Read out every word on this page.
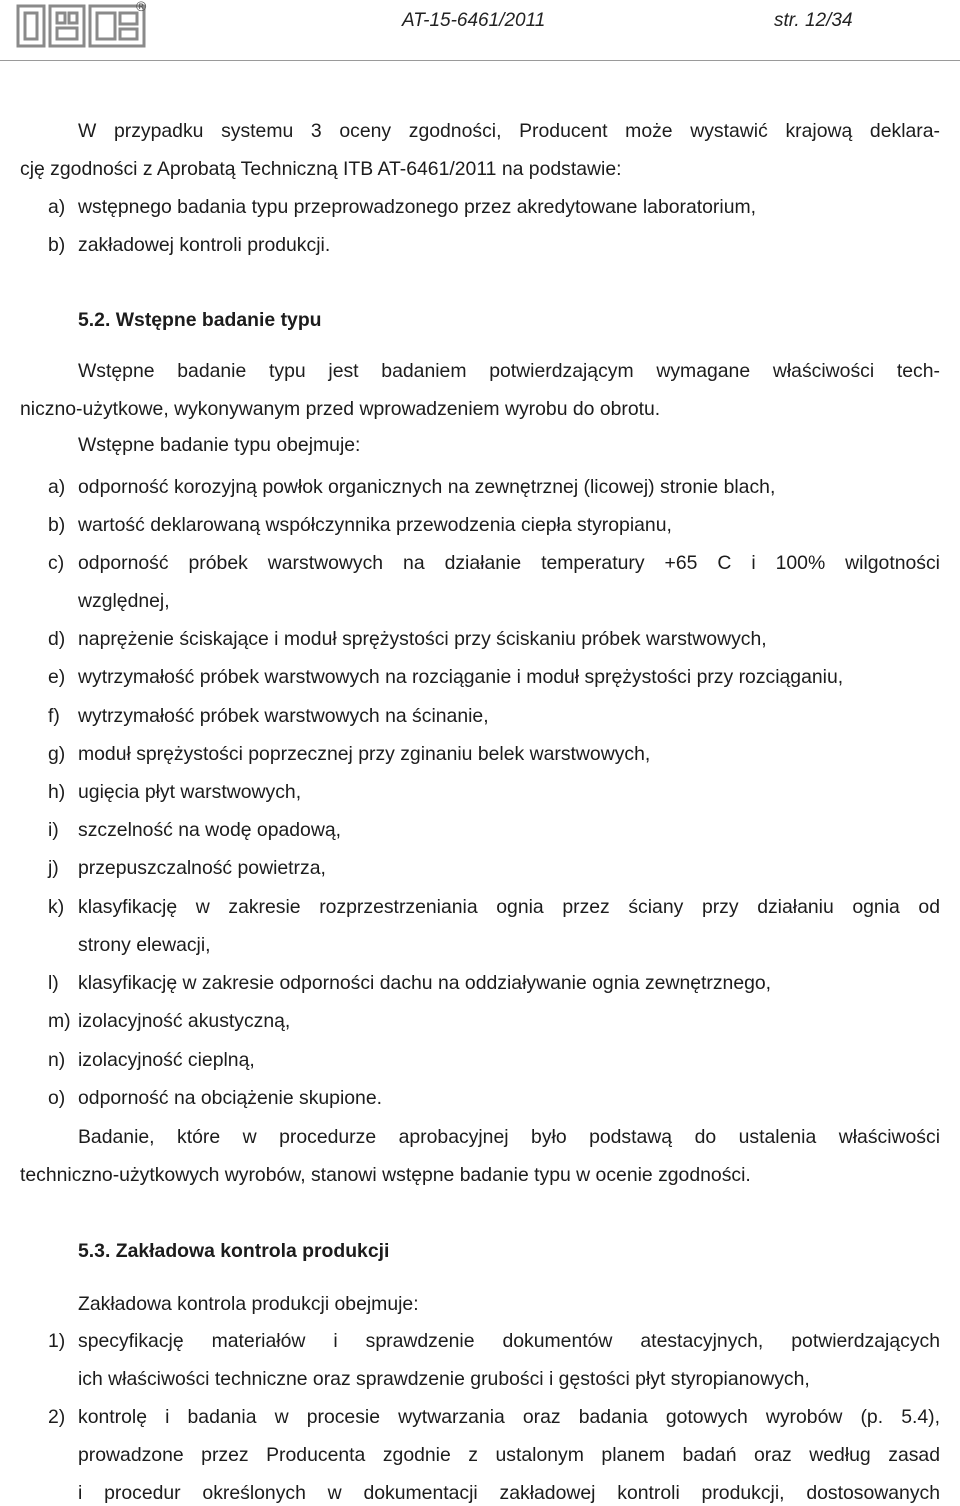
®
AT-15-6461/2011	str. 12/34
W przypadku systemu 3 oceny zgodności, Producent może wystawić krajową deklara-
cję zgodności z Aprobatą Techniczną ITB AT-6461/2011 na podstawie:
a) wstępnego badania typu przeprowadzonego przez akredytowane laboratorium,
b) zakładowej kontroli produkcji.
5.2. Wstępne badanie typu
Wstępne badanie typu jest badaniem potwierdzającym wymagane właściwości tech-
niczno-użytkowe, wykonywanym przed wprowadzeniem wyrobu do obrotu.
Wstępne badanie typu obejmuje:
a) odporność korozyjną powłok organicznych na zewnętrznej (licowej) stronie blach,
b) wartość deklarowaną współczynnika przewodzenia ciepła styropianu,
c) odporność próbek warstwowych na działanie temperatury +65 C i 100% wilgotności
względnej,
d) naprężenie ściskające i moduł sprężystości przy ściskaniu próbek warstwowych,
e) wytrzymałość próbek warstwowych na rozciąganie i moduł sprężystości przy rozciąganiu,
f) wytrzymałość próbek warstwowych na ścinanie,
g) moduł sprężystości poprzecznej przy zginaniu belek warstwowych,
h) ugięcia płyt warstwowych,
i) szczelność na wodę opadową,
j) przepuszczalność powietrza,
k) klasyfikację w zakresie rozprzestrzeniania ognia przez ściany przy działaniu ognia od
strony elewacji,
l) klasyfikację w zakresie odporności dachu na oddziaływanie ognia zewnętrznego,
m) izolacyjność akustyczną,
n) izolacyjność cieplną,
o) odporność na obciążenie skupione.
Badanie, które w procedurze aprobacyjnej było podstawą do ustalenia właściwości
techniczno-użytkowych wyrobów, stanowi wstępne badanie typu w ocenie zgodności.
5.3. Zakładowa kontrola produkcji
Zakładowa kontrola produkcji obejmuje:
1) specyfikację materiałów i sprawdzenie dokumentów atestacyjnych, potwierdzających
ich właściwości techniczne oraz sprawdzenie grubości i gęstości płyt styropianowych,
2) kontrolę i badania w procesie wytwarzania oraz badania gotowych wyrobów (p. 5.4),
prowadzone przez Producenta zgodnie z ustalonym planem badań oraz według zasad
i procedur określonych w dokumentacji zakładowej kontroli produkcji, dostosowanych
